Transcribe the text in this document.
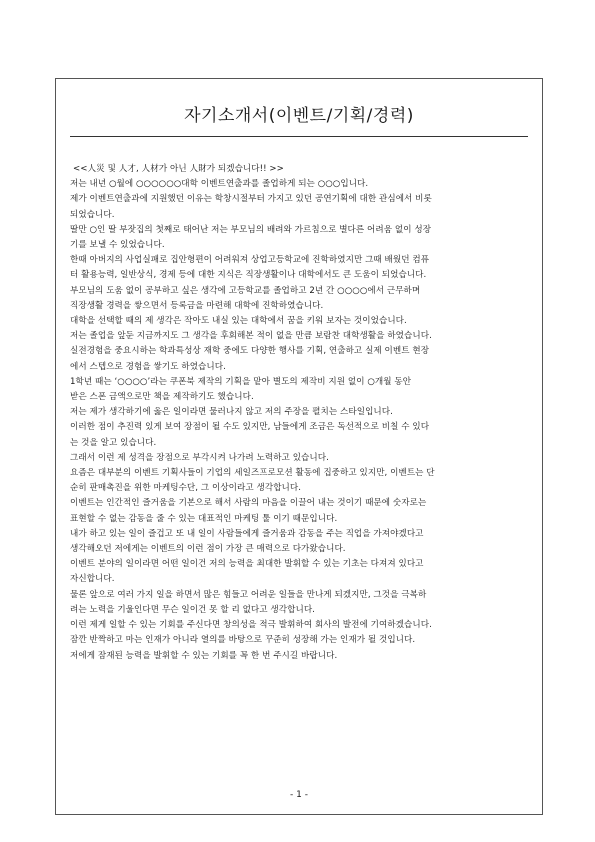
자기소개서(이벤트/기획/경력)
<<人災 및 人才, 人材가 아닌 人財가 되겠습니다!! >>
저는 내년 ○월에 ○○○○○○대학 이벤트연출과를 졸업하게 되는 ○○○입니다.
제가 이벤트연출과에 지원했던 이유는 학창시절부터 가지고 있던 공연기획에 대한 관심에서 비롯
되었습니다.
딸만 ○인 딸 부잣집의 첫째로 태어난 저는 부모님의 배려와 가르침으로 별다른 어려움 없이 성장
기를 보낼 수 있었습니다.
한때 아버지의 사업실패로 집안형편이 어려워져 상업고등학교에 진학하였지만 그때 배웠던 컴퓨
터 활용능력, 일반상식, 경제 등에 대한 지식은 직장생활이나 대학에서도 큰 도움이 되었습니다.
부모님의 도움 없이 공부하고 싶은 생각에 고등학교를 졸업하고 2년 간 ○○○○에서 근무하며
직장생활 경력을 쌓으면서 등록금을 마련해 대학에 진학하였습니다.
대학을 선택할 때의 제 생각은 작아도 내실 있는 대학에서 꿈을 키워 보자는 것이었습니다.
저는 졸업을 앞둔 지금까지도 그 생각을 후회해본 적이 없을 만큼 보람찬 대학생활을 하였습니다.
실전경험을 중요시하는 학과특성상 재학 중에도 다양한 행사를 기획, 연출하고 실제 이벤트 현장
에서 스텝으로 경험을 쌓기도 하였습니다.
1학년 때는 ‘○○○○’라는 쿠폰북 제작의 기획을 맡아 별도의 제작비 지원 없이 ○개월 동안
받은 스폰 금액으로만 책을 제작하기도 했습니다.
저는 제가 생각하기에 옳은 일이라면 물러나지 않고 저의 주장을 펼치는 스타일입니다.
이러한 점이 추진력 있게 보여 장점이 될 수도 있지만, 남들에게 조금은 독선적으로 비칠 수 있다
는 것을 알고 있습니다.
그래서 이런 제 성격을 장점으로 부각시켜 나가려 노력하고 있습니다.
요즘은 대부분의 이벤트 기획사들이 기업의 세일즈프로모션 활동에 집중하고 있지만, 이벤트는 단
순히 판매촉진을 위한 마케팅수단, 그 이상이라고 생각합니다.
이벤트는 인간적인 즐거움을 기본으로 해서 사람의 마음을 이끌어 내는 것이기 때문에 숫자로는
표현할 수 없는 감동을 줄 수 있는 대표적인 마케팅 툴 이기 때문입니다.
내가 하고 있는 일이 즐겁고 또 내 일이 사람들에게 즐거움과 감동을 주는 직업을 가져야겠다고
생각해오던 저에게는 이벤트의 이런 점이 가장 큰 매력으로 다가왔습니다.
이벤트 분야의 일이라면 어떤 일이건 저의 능력을 최대한 발휘할 수 있는 기초는 다져져 있다고
자신합니다.
물론 앞으로 여러 가지 일을 하면서 많은 힘들고 어려운 일들을 만나게 되겠지만, 그것을 극복하
려는 노력을 기울인다면 무슨 일이건 못 할 리 없다고 생각합니다.
이런 제게 일할 수 있는 기회를 주신다면 창의성을 적극 발휘하여 회사의 발전에 기여하겠습니다.
잠깐 반짝하고 마는 인재가 아니라 열의를 바탕으로 꾸준히 성장해 가는 인재가 될 것입니다.
저에게 잠재된 능력을 발휘할 수 있는 기회를 꼭 한 번 주시길 바랍니다.
- 1 -
